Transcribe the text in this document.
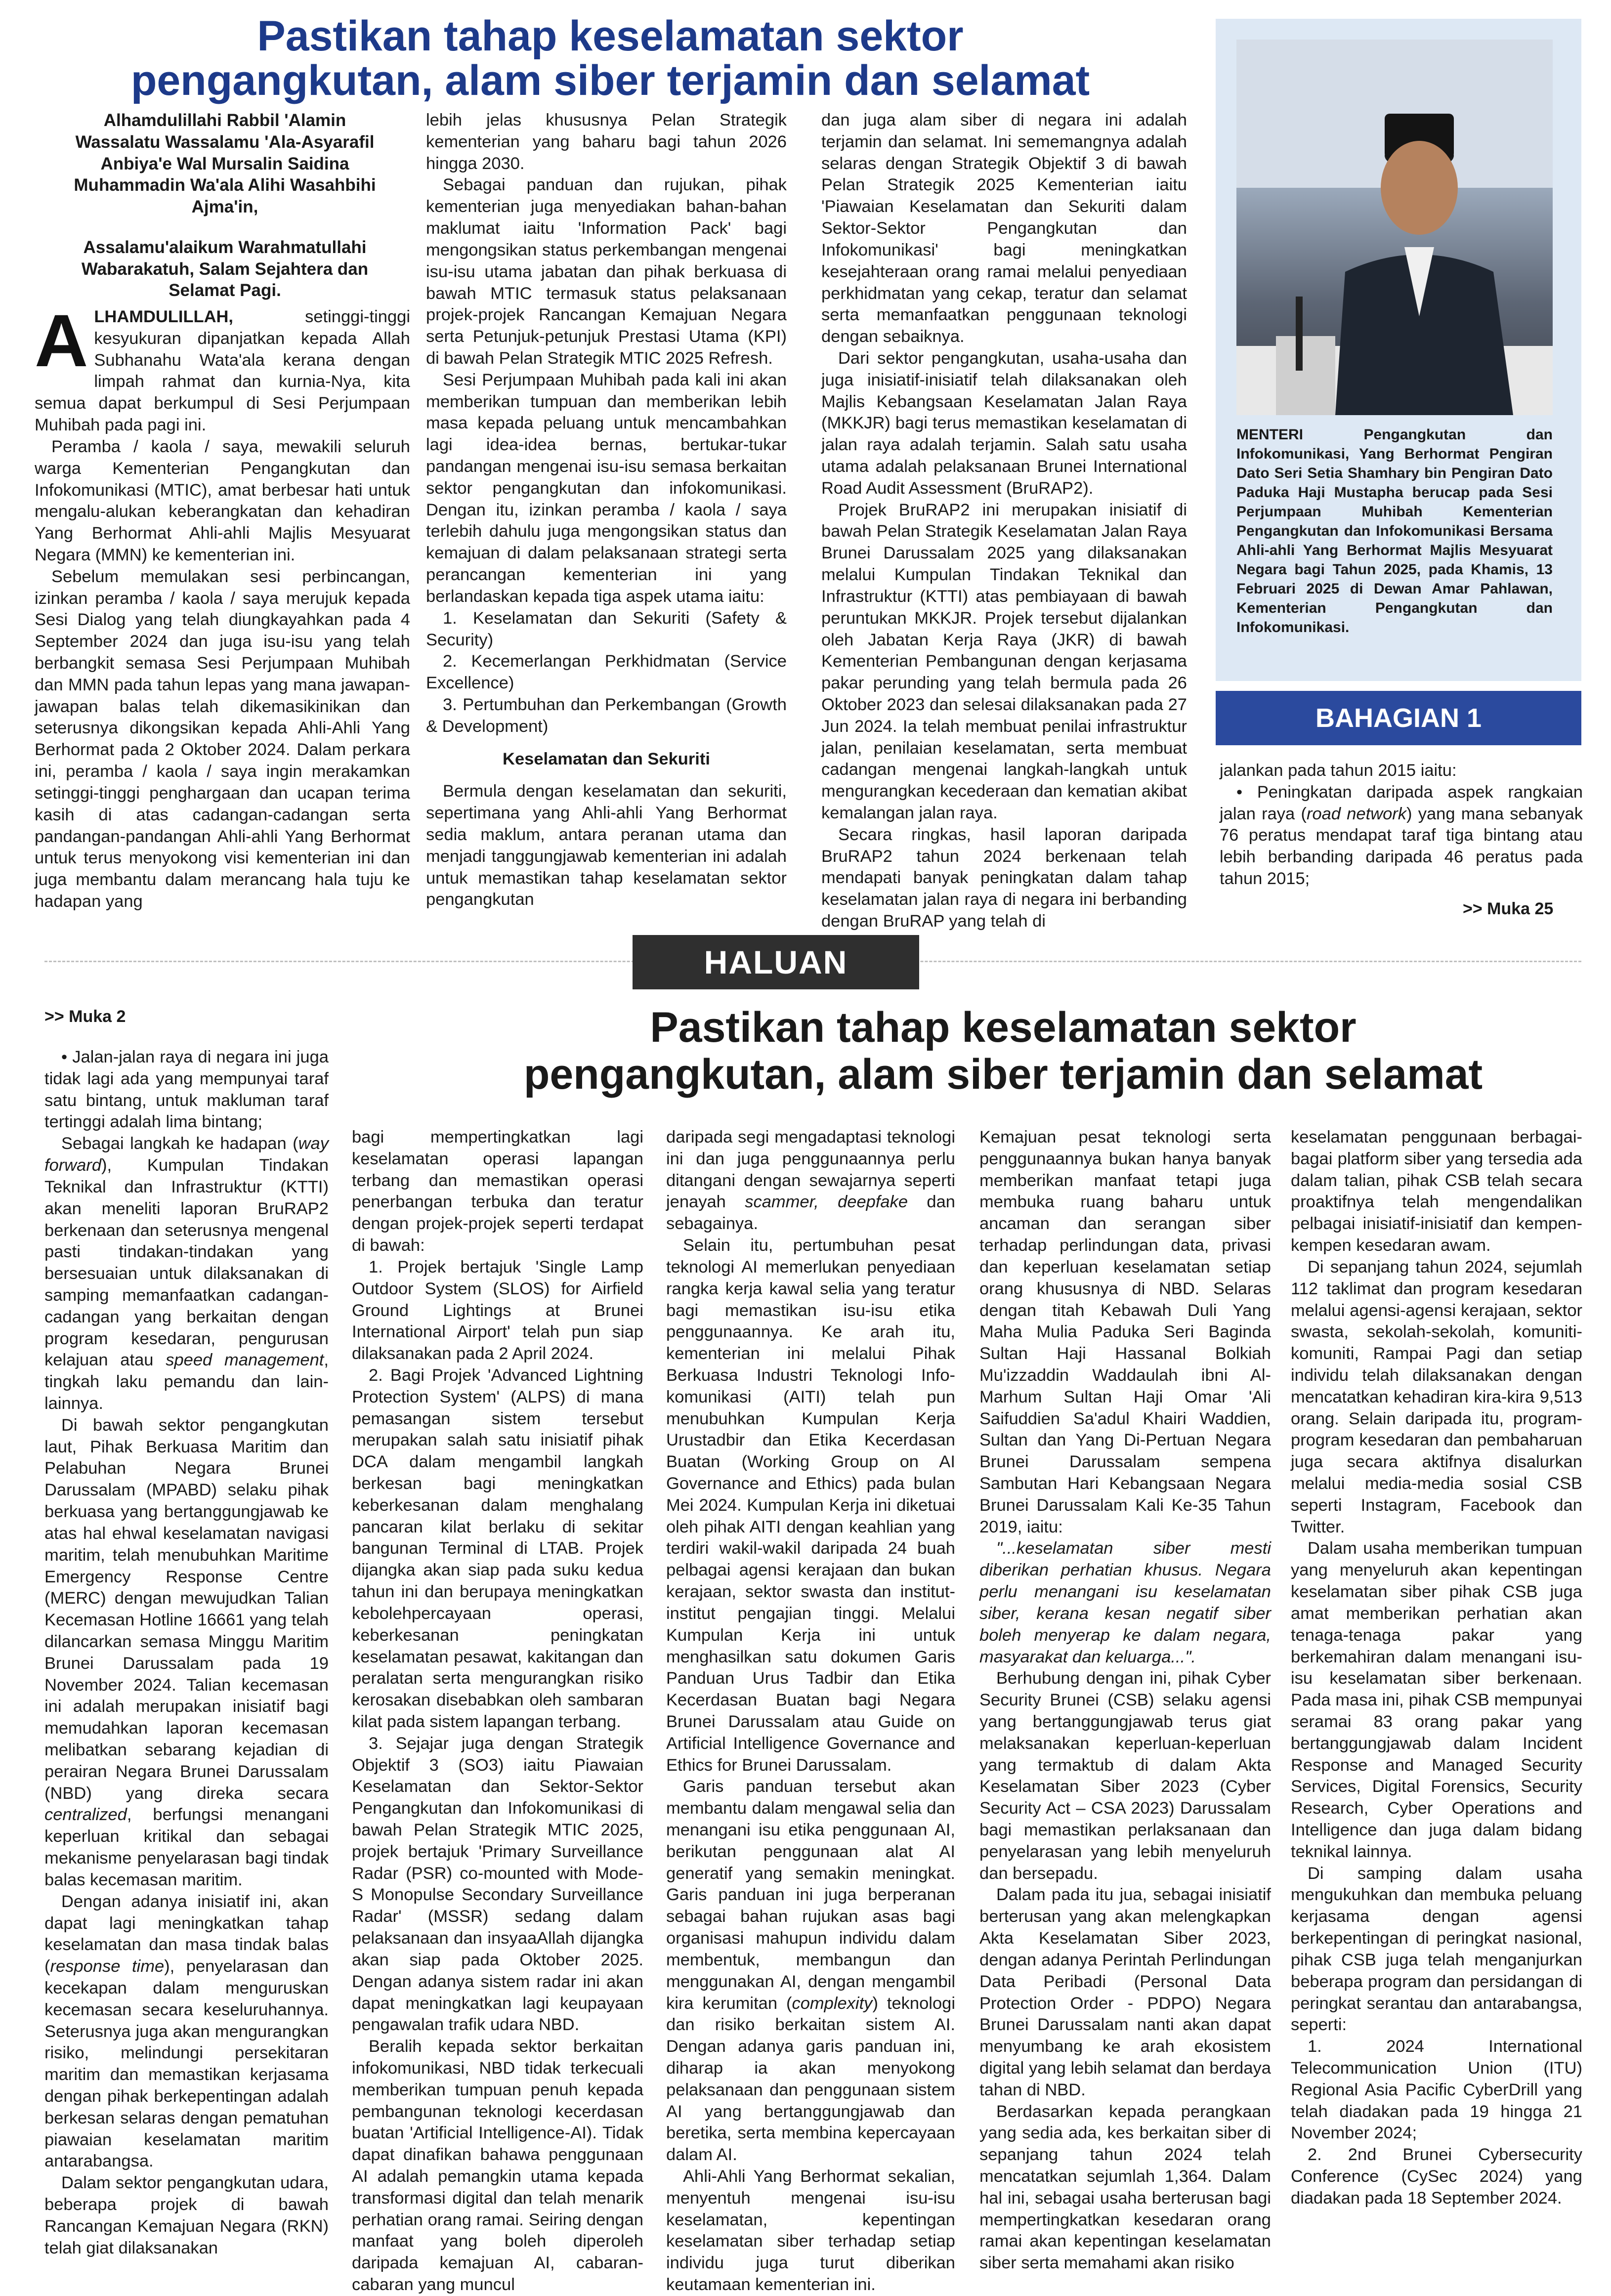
Pastikan tahap keselamatan sektor
pengangkutan, alam siber terjamin dan selamat
Alhamdulillahi Rabbil 'Alamin
Wassalatu Wassalamu 'Ala-Asyarafil
Anbiya'e Wal Mursalin Saidina
Muhammadin Wa'ala Alihi Wasahbihi
Ajma'in,
Assalamu'alaikum Warahmatullahi
Wabarakatuh, Salam Sejahtera dan
Selamat Pagi.

ALHAMDULILLAH, setinggi-tinggi kesyukuran dipanjatkan kepada Allah Subhanahu Wata'ala kerana dengan limpah rahmat dan kurnia-Nya, kita semua dapat berkumpul di Sesi Perjumpaan Muhibah pada pagi ini.

Peramba / kaola / saya, mewakili seluruh warga Kementerian Pengangkutan dan Infokomunikasi (MTIC), amat berbesar hati untuk mengalu-alukan keberangkatan dan kehadiran Yang Berhormat Ahli-ahli Majlis Mesyuarat Negara (MMN) ke kementerian ini.

Sebelum memulakan sesi perbincangan, izinkan peramba / kaola / saya merujuk kepada Sesi Dialog yang telah diungkayahkan pada 4 September 2024 dan juga isu-isu yang telah berbangkit semasa Sesi Perjumpaan Muhibah dan MMN pada tahun lepas yang mana jawapan-jawapan balas telah dikemasikinikan dan seterusnya dikongsikan kepada Ahli-Ahli Yang Berhormat pada 2 Oktober 2024. Dalam perkara ini, peramba / kaola / saya ingin merakamkan setinggi-tinggi penghargaan dan ucapan terima kasih di atas cadangan-cadangan serta pandangan-pandangan Ahli-ahli Yang Berhormat untuk terus menyokong visi kementerian ini dan juga membantu dalam merancang hala tuju ke hadapan yang

lebih jelas khususnya Pelan Strategik kementerian yang baharu bagi tahun 2026 hingga 2030.

Sebagai panduan dan rujukan, pihak kementerian juga menyediakan bahan-bahan maklumat iaitu 'Information Pack' bagi mengongsikan status perkembangan mengenai isu-isu utama jabatan dan pihak berkuasa di bawah MTIC termasuk status pelaksanaan projek-projek Rancangan Kemajuan Negara serta Petunjuk-petunjuk Prestasi Utama (KPI) di bawah Pelan Strategik MTIC 2025 Refresh.

Sesi Perjumpaan Muhibah pada kali ini akan memberikan tumpuan dan memberikan lebih masa kepada peluang untuk mencambahkan lagi idea-idea bernas, bertukar-tukar pandangan mengenai isu-isu semasa berkaitan sektor pengangkutan dan infokomunikasi. Dengan itu, izinkan peramba / kaola / saya terlebih dahulu juga mengongsikan status dan kemajuan di dalam pelaksanaan strategi serta perancangan kementerian ini yang berlandaskan kepada tiga aspek utama iaitu:

1. Keselamatan dan Sekuriti (Safety & Security)

2. Kecemerlangan Perkhidmatan (Service Excellence)

3. Pertumbuhan dan Perkembangan (Growth & Development)

Keselamatan dan Sekuriti

Bermula dengan keselamatan dan sekuriti, sepertimana yang Ahli-ahli Yang Berhormat sedia maklum, antara peranan utama dan menjadi tanggungjawab kementerian ini adalah untuk memastikan tahap keselamatan sektor pengangkutan

dan juga alam siber di negara ini adalah terjamin dan selamat. Ini sememangnya adalah selaras dengan Strategik Objektif 3 di bawah Pelan Strategik 2025 Kementerian iaitu 'Piawaian Keselamatan dan Sekuriti dalam Sektor-Sektor Pengangkutan dan Infokomunikasi' bagi meningkatkan kesejahteraan orang ramai melalui penyediaan perkhidmatan yang cekap, teratur dan selamat serta memanfaatkan penggunaan teknologi dengan sebaiknya.

Dari sektor pengangkutan, usaha-usaha dan juga inisiatif-inisiatif telah dilaksanakan oleh Majlis Kebangsaan Keselamatan Jalan Raya (MKKJR) bagi terus memastikan keselamatan di jalan raya adalah terjamin. Salah satu usaha utama adalah pelaksanaan Brunei International Road Audit Assessment (BruRAP2).

Projek BruRAP2 ini merupakan inisiatif di bawah Pelan Strategik Keselamatan Jalan Raya Brunei Darussalam 2025 yang dilaksanakan melalui Kumpulan Tindakan Teknikal dan Infrastruktur (KTTI) atas pembiayaan di bawah peruntukan MKKJR. Projek tersebut dijalankan oleh Jabatan Kerja Raya (JKR) di bawah Kementerian Pembangunan dengan kerjasama pakar perunding yang telah bermula pada 26 Oktober 2023 dan selesai dilaksanakan pada 27 Jun 2024. Ia telah membuat penilai infrastruktur jalan, penilaian keselamatan, serta membuat cadangan mengenai langkah-langkah untuk mengurangkan kecederaan dan kematian akibat kemalangan jalan raya.

Secara ringkas, hasil laporan daripada BruRAP2 tahun 2024 berkenaan telah mendapati banyak peningkatan dalam tahap keselamatan jalan raya di negara ini berbanding dengan BruRAP yang telah di

MENTERI Pengangkutan dan Infokomunikasi, Yang Berhormat Pengiran Dato Seri Setia Shamhary bin Pengiran Dato Paduka Haji Mustapha berucap pada Sesi Perjumpaan Muhibah Kementerian Pengangkutan dan Infokomunikasi Bersama Ahli-ahli Yang Berhormat Majlis Mesyuarat Negara bagi Tahun 2025, pada Khamis, 13 Februari 2025 di Dewan Amar Pahlawan, Kementerian Pengangkutan dan Infokomunikasi.
BAHAGIAN 1

jalankan pada tahun 2015 iaitu:

• Peningkatan daripada aspek rangkaian jalan raya (road network) yang mana sebanyak 76 peratus mendapat taraf tiga bintang atau lebih berbanding daripada 46 peratus pada tahun 2015;

>> Muka 25
HALUAN
>> Muka 2	Pastikan tahap keselamatan sektor
pengangkutan, alam siber terjamin dan selamat

• Jalan-jalan raya di negara ini juga tidak lagi ada yang mempunyai taraf satu bintang, untuk makluman taraf tertinggi adalah lima bintang;

Sebagai langkah ke hadapan (way forward), Kumpulan Tindakan Teknikal dan Infrastruktur (KTTI) akan meneliti laporan BruRAP2 berkenaan dan seterusnya mengenal pasti tindakan-tindakan yang bersesuaian untuk dilaksanakan di samping memanfaatkan cadangan-cadangan yang berkaitan dengan program kesedaran, pengurusan kelajuan atau speed management, tingkah laku pemandu dan lain-lainnya.

Di bawah sektor pengangkutan laut, Pihak Berkuasa Maritim dan Pelabuhan Negara Brunei Darussalam (MPABD) selaku pihak berkuasa yang bertanggungjawab ke atas hal ehwal keselamatan navigasi maritim, telah menubuhkan Maritime Emergency Response Centre (MERC) dengan mewujudkan Talian Kecemasan Hotline 16661 yang telah dilancarkan semasa Minggu Maritim Brunei Darussalam pada 19 November 2024. Talian kecemasan ini adalah merupakan inisiatif bagi memudahkan laporan kecemasan melibatkan sebarang kejadian di perairan Negara Brunei Darussalam (NBD) yang direka secara centralized, berfungsi menangani keperluan kritikal dan sebagai mekanisme penyelarasan bagi tindak balas kecemasan maritim.

Dengan adanya inisiatif ini, akan dapat lagi meningkatkan tahap keselamatan dan masa tindak balas (response time), penyelarasan dan kecekapan dalam menguruskan kecemasan secara keseluruhannya. Seterusnya juga akan mengurangkan risiko, melindungi persekitaran maritim dan memastikan kerjasama dengan pihak berkepentingan adalah berkesan selaras dengan pematuhan piawaian keselamatan maritim antarabangsa.

Dalam sektor pengangkutan udara, beberapa projek di bawah Rancangan Kemajuan Negara (RKN) telah giat dilaksanakan

bagi mempertingkatkan lagi keselamatan operasi lapangan terbang dan memastikan operasi penerbangan terbuka dan teratur dengan projek-projek seperti terdapat di bawah:

1. Projek bertajuk 'Single Lamp Outdoor System (SLOS) for Airfield Ground Lightings at Brunei International Airport' telah pun siap dilaksanakan pada 2 April 2024.

2. Bagi Projek 'Advanced Lightning Protection System' (ALPS) di mana pemasangan sistem tersebut merupakan salah satu inisiatif pihak DCA dalam mengambil langkah berkesan bagi meningkatkan keberkesanan dalam menghalang pancaran kilat berlaku di sekitar bangunan Terminal di LTAB. Projek dijangka akan siap pada suku kedua tahun ini dan berupaya meningkatkan kebolehpercayaan operasi, keberkesanan peningkatan keselamatan pesawat, kakitangan dan peralatan serta mengurangkan risiko kerosakan disebabkan oleh sambaran kilat pada sistem lapangan terbang.

3. Sejajar juga dengan Strategik Objektif 3 (SO3) iaitu Piawaian Keselamatan dan Sektor-Sektor Pengangkutan dan Infokomunikasi di bawah Pelan Strategik MTIC 2025, projek bertajuk 'Primary Surveillance Radar (PSR) co-mounted with Mode-S Monopulse Secondary Surveillance Radar' (MSSR) sedang dalam pelaksanaan dan insyaaAllah dijangka akan siap pada Oktober 2025. Dengan adanya sistem radar ini akan dapat meningkatkan lagi keupayaan pengawalan trafik udara NBD.

Beralih kepada sektor berkaitan infokomunikasi, NBD tidak terkecuali memberikan tumpuan penuh kepada pembangunan teknologi kecerdasan buatan 'Artificial Intelligence-AI). Tidak dapat dinafikan bahawa penggunaan AI adalah pemangkin utama kepada transformasi digital dan telah menarik perhatian orang ramai. Seiring dengan manfaat yang boleh diperoleh daripada kemajuan AI, cabaran-cabaran yang muncul

daripada segi mengadaptasi teknologi ini dan juga penggunaannya perlu ditangani dengan sewajarnya seperti jenayah scammer, deepfake dan sebagainya.

Selain itu, pertumbuhan pesat teknologi AI memerlukan penyediaan rangka kerja kawal selia yang teratur bagi memastikan isu-isu etika penggunaannya. Ke arah itu, kementerian ini melalui Pihak Berkuasa Industri Teknologi Info-komunikasi (AITI) telah pun menubuhkan Kumpulan Kerja Urustadbir dan Etika Kecerdasan Buatan (Working Group on AI Governance and Ethics) pada bulan Mei 2024. Kumpulan Kerja ini diketuai oleh pihak AITI dengan keahlian yang terdiri wakil-wakil daripada 24 buah pelbagai agensi kerajaan dan bukan kerajaan, sektor swasta dan institut-institut pengajian tinggi. Melalui Kumpulan Kerja ini untuk menghasilkan satu dokumen Garis Panduan Urus Tadbir dan Etika Kecerdasan Buatan bagi Negara Brunei Darussalam atau Guide on Artificial Intelligence Governance and Ethics for Brunei Darussalam.

Garis panduan tersebut akan membantu dalam mengawal selia dan menangani isu etika penggunaan AI, berikutan penggunaan alat AI generatif yang semakin meningkat. Garis panduan ini juga berperanan sebagai bahan rujukan asas bagi organisasi mahupun individu dalam membentuk, membangun dan menggunakan AI, dengan mengambil kira kerumitan (complexity) teknologi dan risiko berkaitan sistem AI. Dengan adanya garis panduan ini, diharap ia akan menyokong pelaksanaan dan penggunaan sistem AI yang bertanggungjawab dan beretika, serta membina kepercayaan dalam AI.

Ahli-Ahli Yang Berhormat sekalian, menyentuh mengenai isu-isu keselamatan, kepentingan keselamatan siber terhadap setiap individu juga turut diberikan keutamaan kementerian ini.

Kemajuan pesat teknologi serta penggunaannya bukan hanya banyak memberikan manfaat tetapi juga membuka ruang baharu untuk ancaman dan serangan siber terhadap perlindungan data, privasi dan keperluan keselamatan setiap orang khususnya di NBD. Selaras dengan titah Kebawah Duli Yang Maha Mulia Paduka Seri Baginda Sultan Haji Hassanal Bolkiah Mu'izzaddin Waddaulah ibni Al-Marhum Sultan Haji Omar 'Ali Saifuddien Sa'adul Khairi Waddien, Sultan dan Yang Di-Pertuan Negara Brunei Darussalam sempena Sambutan Hari Kebangsaan Negara Brunei Darussalam Kali Ke-35 Tahun 2019, iaitu:

"...keselamatan siber mesti diberikan perhatian khusus. Negara perlu menangani isu keselamatan siber, kerana kesan negatif siber boleh menyerap ke dalam negara, masyarakat dan keluarga...".

Berhubung dengan ini, pihak Cyber Security Brunei (CSB) selaku agensi yang bertanggungjawab terus giat melaksanakan keperluan-keperluan yang termaktub di dalam Akta Keselamatan Siber 2023 (Cyber Security Act – CSA 2023) Darussalam bagi memastikan perlaksanaan dan penyelarasan yang lebih menyeluruh dan bersepadu.

Dalam pada itu jua, sebagai inisiatif berterusan yang akan melengkapkan Akta Keselamatan Siber 2023, dengan adanya Perintah Perlindungan Data Peribadi (Personal Data Protection Order - PDPO) Negara Brunei Darussalam nanti akan dapat menyumbang ke arah ekosistem digital yang lebih selamat dan berdaya tahan di NBD.

Berdasarkan kepada perangkaan yang sedia ada, kes berkaitan siber di sepanjang tahun 2024 telah mencatatkan sejumlah 1,364. Dalam hal ini, sebagai usaha berterusan bagi mempertingkatkan kesedaran orang ramai akan kepentingan keselamatan siber serta memahami akan risiko

keselamatan penggunaan berbagai-bagai platform siber yang tersedia ada dalam talian, pihak CSB telah secara proaktifnya telah mengendalikan pelbagai inisiatif-inisiatif dan kempen-kempen kesedaran awam.

Di sepanjang tahun 2024, sejumlah 112 taklimat dan program kesedaran melalui agensi-agensi kerajaan, sektor swasta, sekolah-sekolah, komuniti-komuniti, Rampai Pagi dan setiap individu telah dilaksanakan dengan mencatatkan kehadiran kira-kira 9,513 orang. Selain daripada itu, program-program kesedaran dan pembaharuan juga secara aktifnya disalurkan melalui media-media sosial CSB seperti Instagram, Facebook dan Twitter.

Dalam usaha memberikan tumpuan yang menyeluruh akan kepentingan keselamatan siber pihak CSB juga amat memberikan perhatian akan tenaga-tenaga pakar yang berkemahiran dalam menangani isu-isu keselamatan siber berkenaan. Pada masa ini, pihak CSB mempunyai seramai 83 orang pakar yang bertanggungjawab dalam Incident Response and Managed Security Services, Digital Forensics, Security Research, Cyber Operations and Intelligence dan juga dalam bidang teknikal lainnya.

Di samping dalam usaha mengukuhkan dan membuka peluang kerjasama dengan agensi berkepentingan di peringkat nasional, pihak CSB juga telah menganjurkan beberapa program dan persidangan di peringkat serantau dan antarabangsa, seperti:

1. 2024 International Telecommunication Union (ITU) Regional Asia Pacific CyberDrill yang telah diadakan pada 19 hingga 21 November 2024;

2. 2nd Brunei Cybersecurity Conference (CySec 2024) yang diadakan pada 18 September 2024.
